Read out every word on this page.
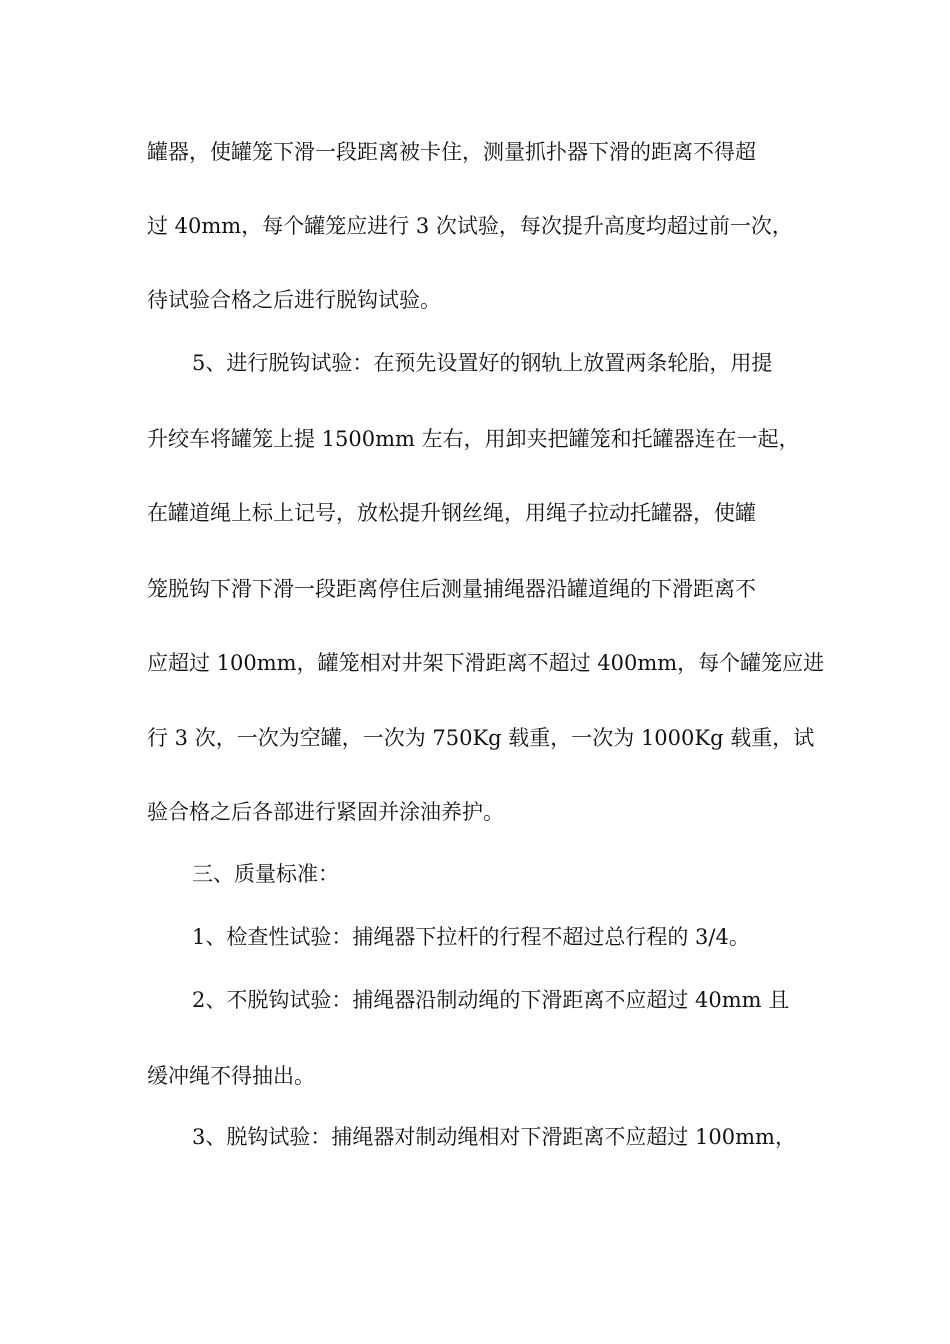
罐器，使罐笼下滑一段距离被卡住，测量抓扑器下滑的距离不得超
过 40mm，每个罐笼应进行 3 次试验，每次提升高度均超过前一次，
待试验合格之后进行脱钩试验。
5、进行脱钩试验：在预先设置好的钢轨上放置两条轮胎，用提
升绞车将罐笼上提 1500mm 左右，用卸夹把罐笼和托罐器连在一起，
在罐道绳上标上记号，放松提升钢丝绳，用绳子拉动托罐器，使罐
笼脱钩下滑下滑一段距离停住后测量捕绳器沿罐道绳的下滑距离不
应超过 100mm，罐笼相对井架下滑距离不超过 400mm，每个罐笼应进
行 3 次，一次为空罐，一次为 750Kg 载重，一次为 1000Kg 载重，试
验合格之后各部进行紧固并涂油养护。
三、质量标准：
1、检查性试验：捕绳器下拉杆的行程不超过总行程的 3/4。
2、不脱钩试验：捕绳器沿制动绳的下滑距离不应超过 40mm 且
缓冲绳不得抽出。
3、脱钩试验：捕绳器对制动绳相对下滑距离不应超过 100mm，
